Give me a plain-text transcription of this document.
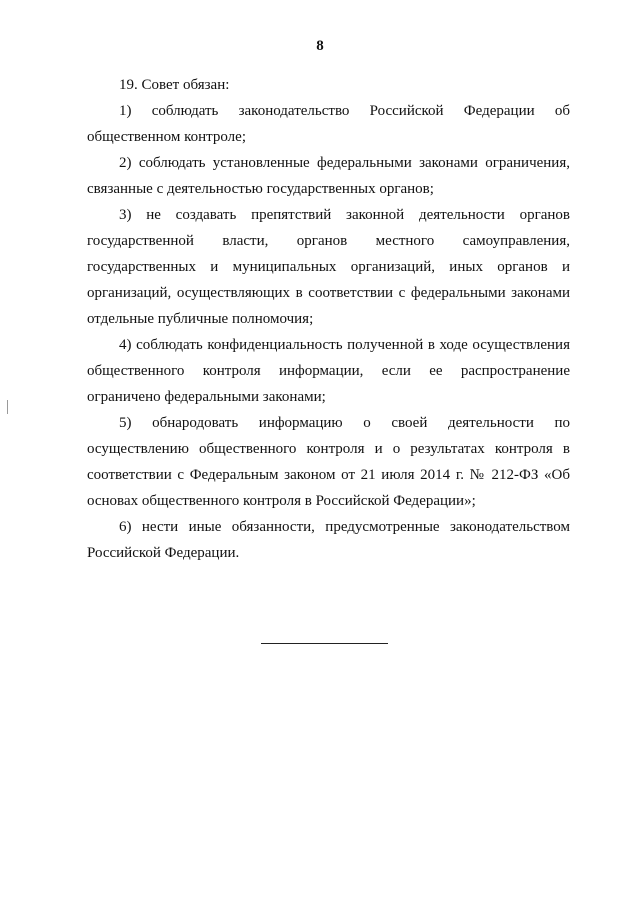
8

19. Совет обязан:

1) соблюдать законодательство Российской Федерации об общественном контроле;

2) соблюдать установленные федеральными законами ограничения, связанные с деятельностью государственных органов;

3) не создавать препятствий законной деятельности органов государственной власти, органов местного самоуправления, государственных и муниципальных организаций, иных органов и организаций, осуществляющих в соответствии с федеральными законами отдельные публичные полномочия;

4) соблюдать конфиденциальность полученной в ходе осуществления общественного контроля информации, если ее распространение ограничено федеральными законами;

5) обнародовать информацию о своей деятельности по осуществлению общественного контроля и о результатах контроля в соответствии с Федеральным законом от 21 июля 2014 г. № 212-ФЗ «Об основах общественного контроля в Российской Федерации»;

6) нести иные обязанности, предусмотренные законодательством Российской Федерации.
